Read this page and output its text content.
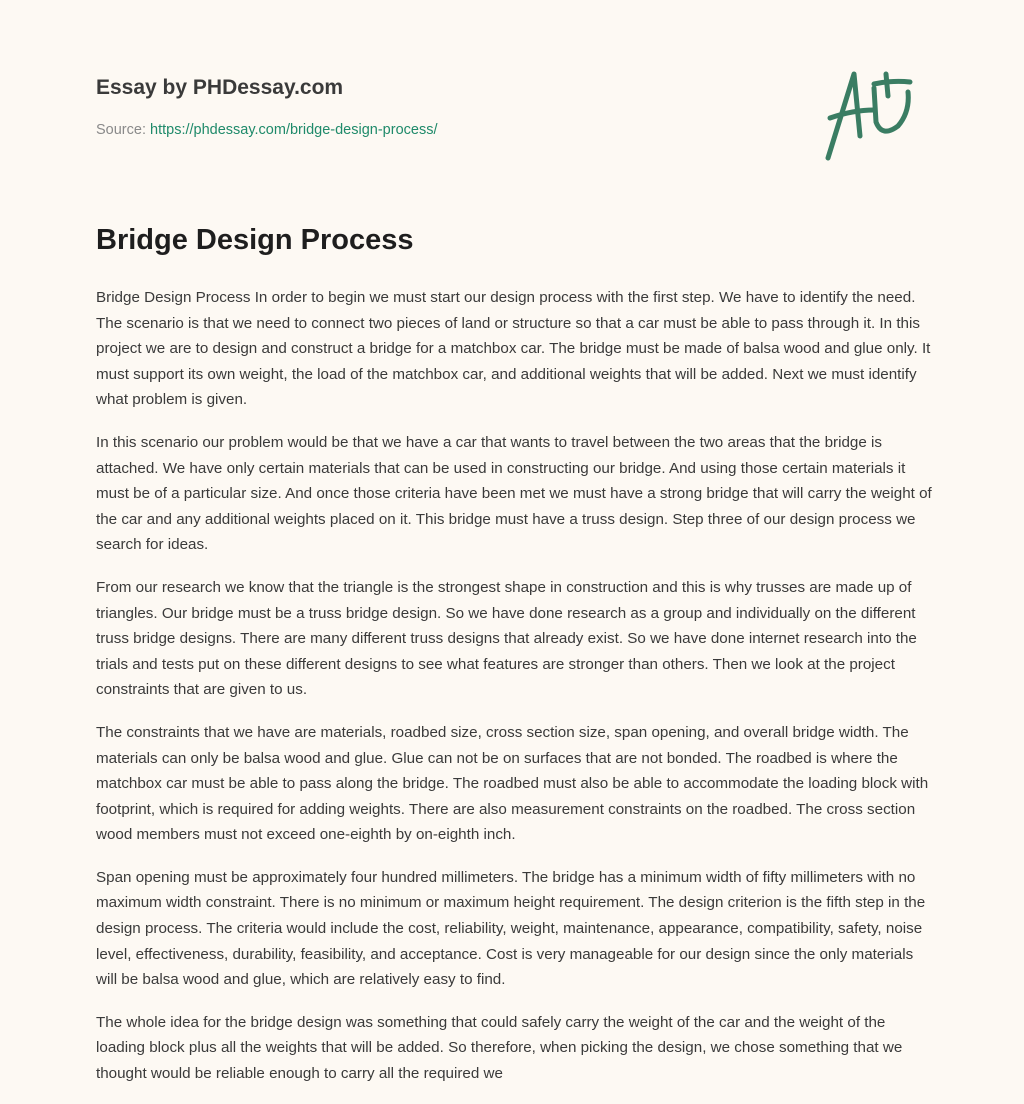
Essay by PHDessay.com
Source: https://phdessay.com/bridge-design-process/
Bridge Design Process

Bridge Design Process In order to begin we must start our design process with the first step. We have to identify the need. The scenario is that we need to connect two pieces of land or structure so that a car must be able to pass through it. In this project we are to design and construct a bridge for a matchbox car. The bridge must be made of balsa wood and glue only. It must support its own weight, the load of the matchbox car, and additional weights that will be added. Next we must identify what problem is given.

In this scenario our problem would be that we have a car that wants to travel between the two areas that the bridge is attached. We have only certain materials that can be used in constructing our bridge. And using those certain materials it must be of a particular size. And once those criteria have been met we must have a strong bridge that will carry the weight of the car and any additional weights placed on it. This bridge must have a truss design. Step three of our design process we search for ideas.

From our research we know that the triangle is the strongest shape in construction and this is why trusses are made up of triangles. Our bridge must be a truss bridge design. So we have done research as a group and individually on the different truss bridge designs. There are many different truss designs that already exist. So we have done internet research into the trials and tests put on these different designs to see what features are stronger than others. Then we look at the project constraints that are given to us.

The constraints that we have are materials, roadbed size, cross section size, span opening, and overall bridge width. The materials can only be balsa wood and glue. Glue can not be on surfaces that are not bonded. The roadbed is where the matchbox car must be able to pass along the bridge. The roadbed must also be able to accommodate the loading block with footprint, which is required for adding weights. There are also measurement constraints on the roadbed. The cross section wood members must not exceed one-eighth by on-eighth inch.

Span opening must be approximately four hundred millimeters. The bridge has a minimum width of fifty millimeters with no maximum width constraint. There is no minimum or maximum height requirement. The design criterion is the fifth step in the design process. The criteria would include the cost, reliability, weight, maintenance, appearance, compatibility, safety, noise level, effectiveness, durability, feasibility, and acceptance. Cost is very manageable for our design since the only materials will be balsa wood and glue, which are relatively easy to find.

The whole idea for the bridge design was something that could safely carry the weight of the car and the weight of the loading block plus all the weights that will be added. So therefore, when picking the design, we chose something that we thought would be reliable enough to carry all the required we
